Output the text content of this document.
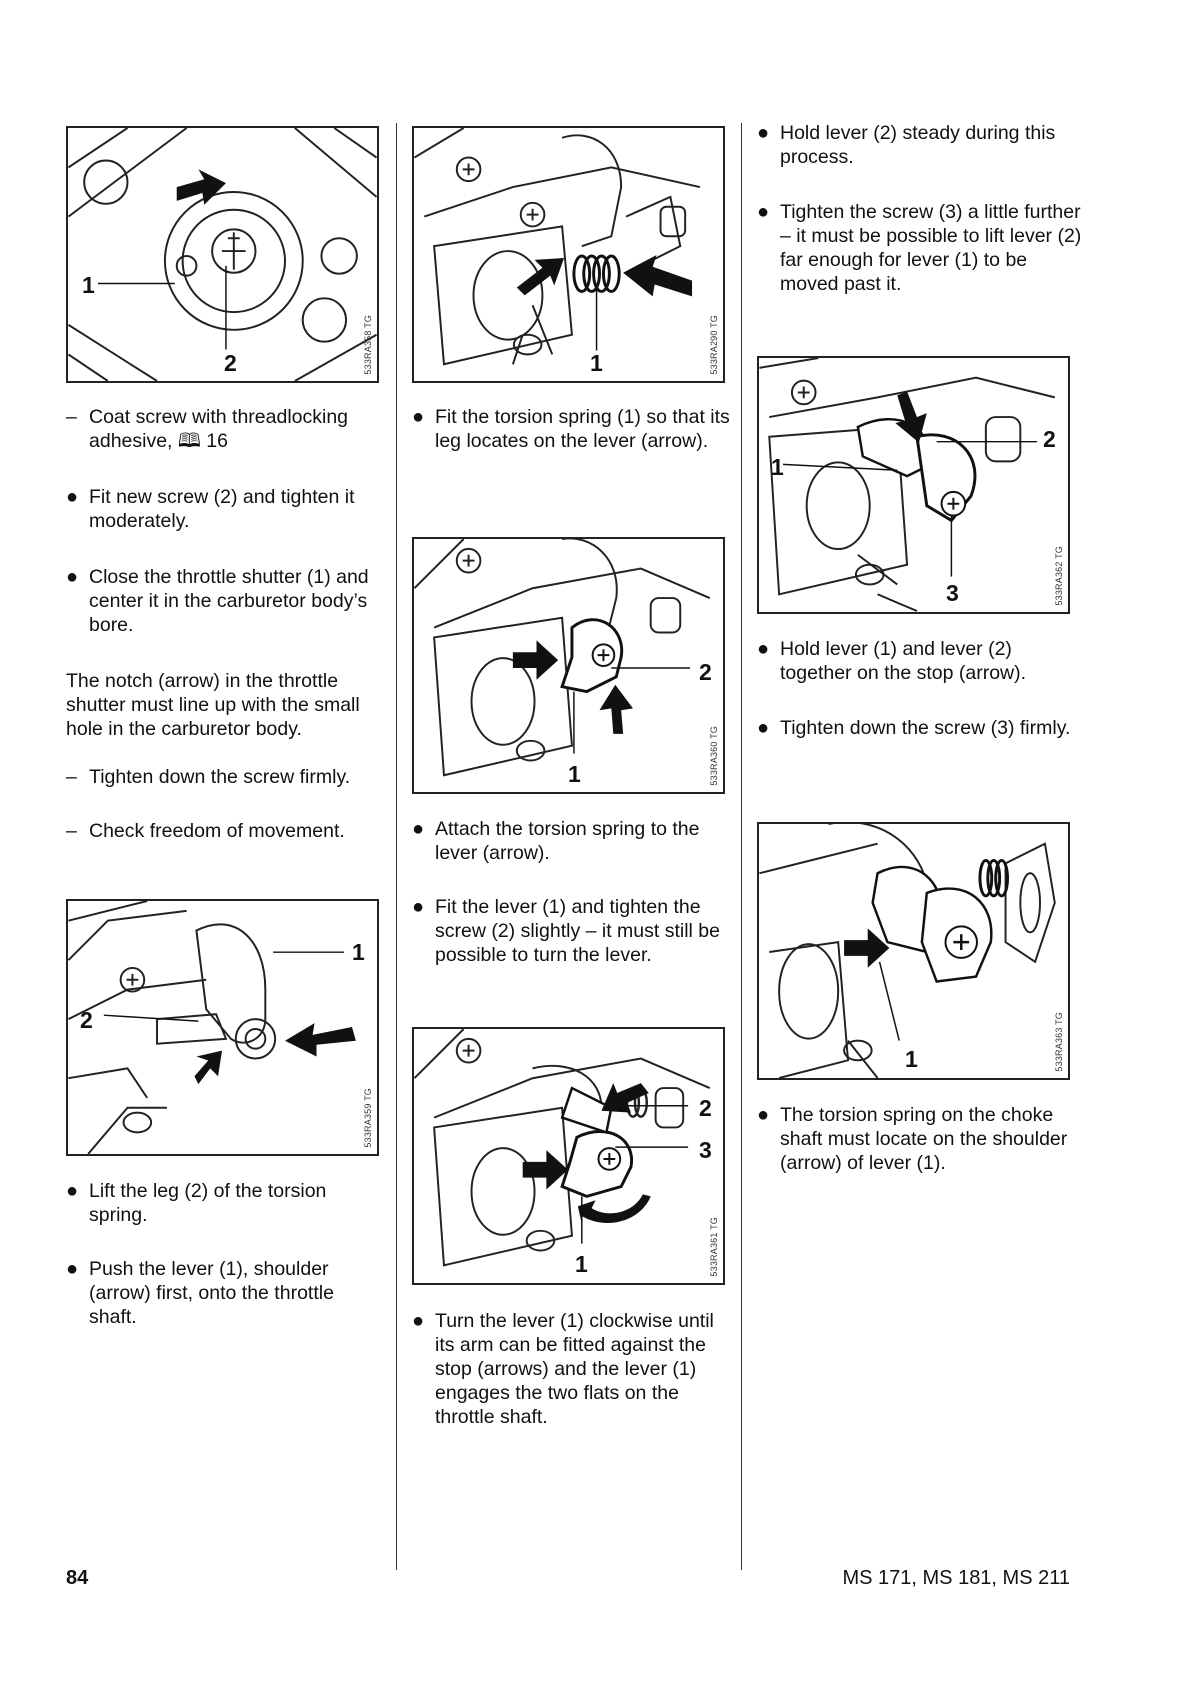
1
2	533RA358 TG
– Coat screw with threadlocking adhesive, 🕮 16
● Fit new screw (2) and tighten it moderately.
● Close the throttle shutter (1) and center it in the carburetor body’s bore.
The notch (arrow) in the throttle shutter must line up with the small hole in the carburetor body.
– Tighten down the screw firmly.
– Check freedom of movement.
1
2
533RA359 TG
● Lift the leg (2) of the torsion spring.
● Push the lever (1), shoulder (arrow) first, onto the throttle shaft.
1	533RA290 TG
● Fit the torsion spring (1) so that its leg locates on the lever (arrow).
2
1	533RA360 TG
● Attach the torsion spring to the lever (arrow).
● Fit the lever (1) and tighten the screw (2) slightly – it must still be possible to turn the lever.
2
3
1	533RA361 TG
● Turn the lever (1) clockwise until its arm can be fitted against the stop (arrows) and the lever (1) engages the two flats on the throttle shaft.
● Hold lever (2) steady during this process.
● Tighten the screw (3) a little further – it must be possible to lift lever (2) far enough for lever (1) to be moved past it.
1
2
3	533RA362 TG
● Hold lever (1) and lever (2) together on the stop (arrow).
● Tighten down the screw (3) firmly.
1	533RA363 TG
● The torsion spring on the choke shaft must locate on the shoulder (arrow) of lever (1).
84	MS 171, MS 181, MS 211
